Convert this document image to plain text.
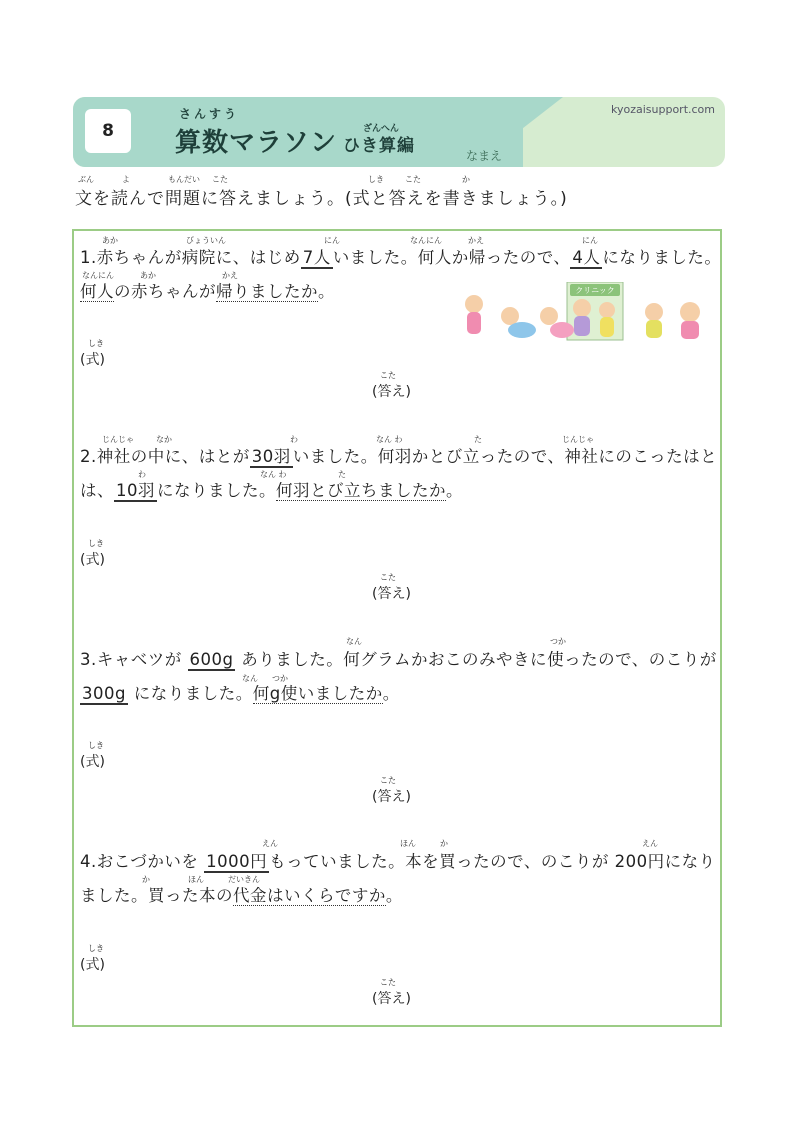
8
さんすう
算数マラソン ひき算編
ざんへん
kyozaisupport.com
なまえ
ぶん	よ	もんだい こた	しき	こた	か
文を読んで問題に答えましょう。(式と答えを書きましょう。)
クリニック
あか	びょういん	にん	なんにん	かえ	にん
1.赤ちゃんが病院に、はじめ 7人 いました。何人か帰ったので、 4人 になりました。
なんにん	あか	かえ
何人の赤ちゃんが帰りましたか。
しき
(式)
こた
(答え)
じんじゃ	なか	わ	なん わ	た	じんじゃ
2.神社の中に、はとが 30羽 いました。何羽かとび立ったので、神社にのこったはと
わ	なん わ	た
は、 10羽 になりました。何羽とび立ちましたか。
しき
(式)
こた
(答え)
なん	つか
3.キャベツが 600g ありました。何グラムかおこのみやきに使ったので、のこりが
なん つか
300g になりました。何g使いましたか。
しき
(式)
こた
(答え)
えん	ほん	か	えん
4.おこづかいを 1000円 もっていました。本を買ったので、のこりが 200円になり
か	ほん	だいきん
ました。買った本の代金はいくらですか。
しき
(式)
こた
(答え)
